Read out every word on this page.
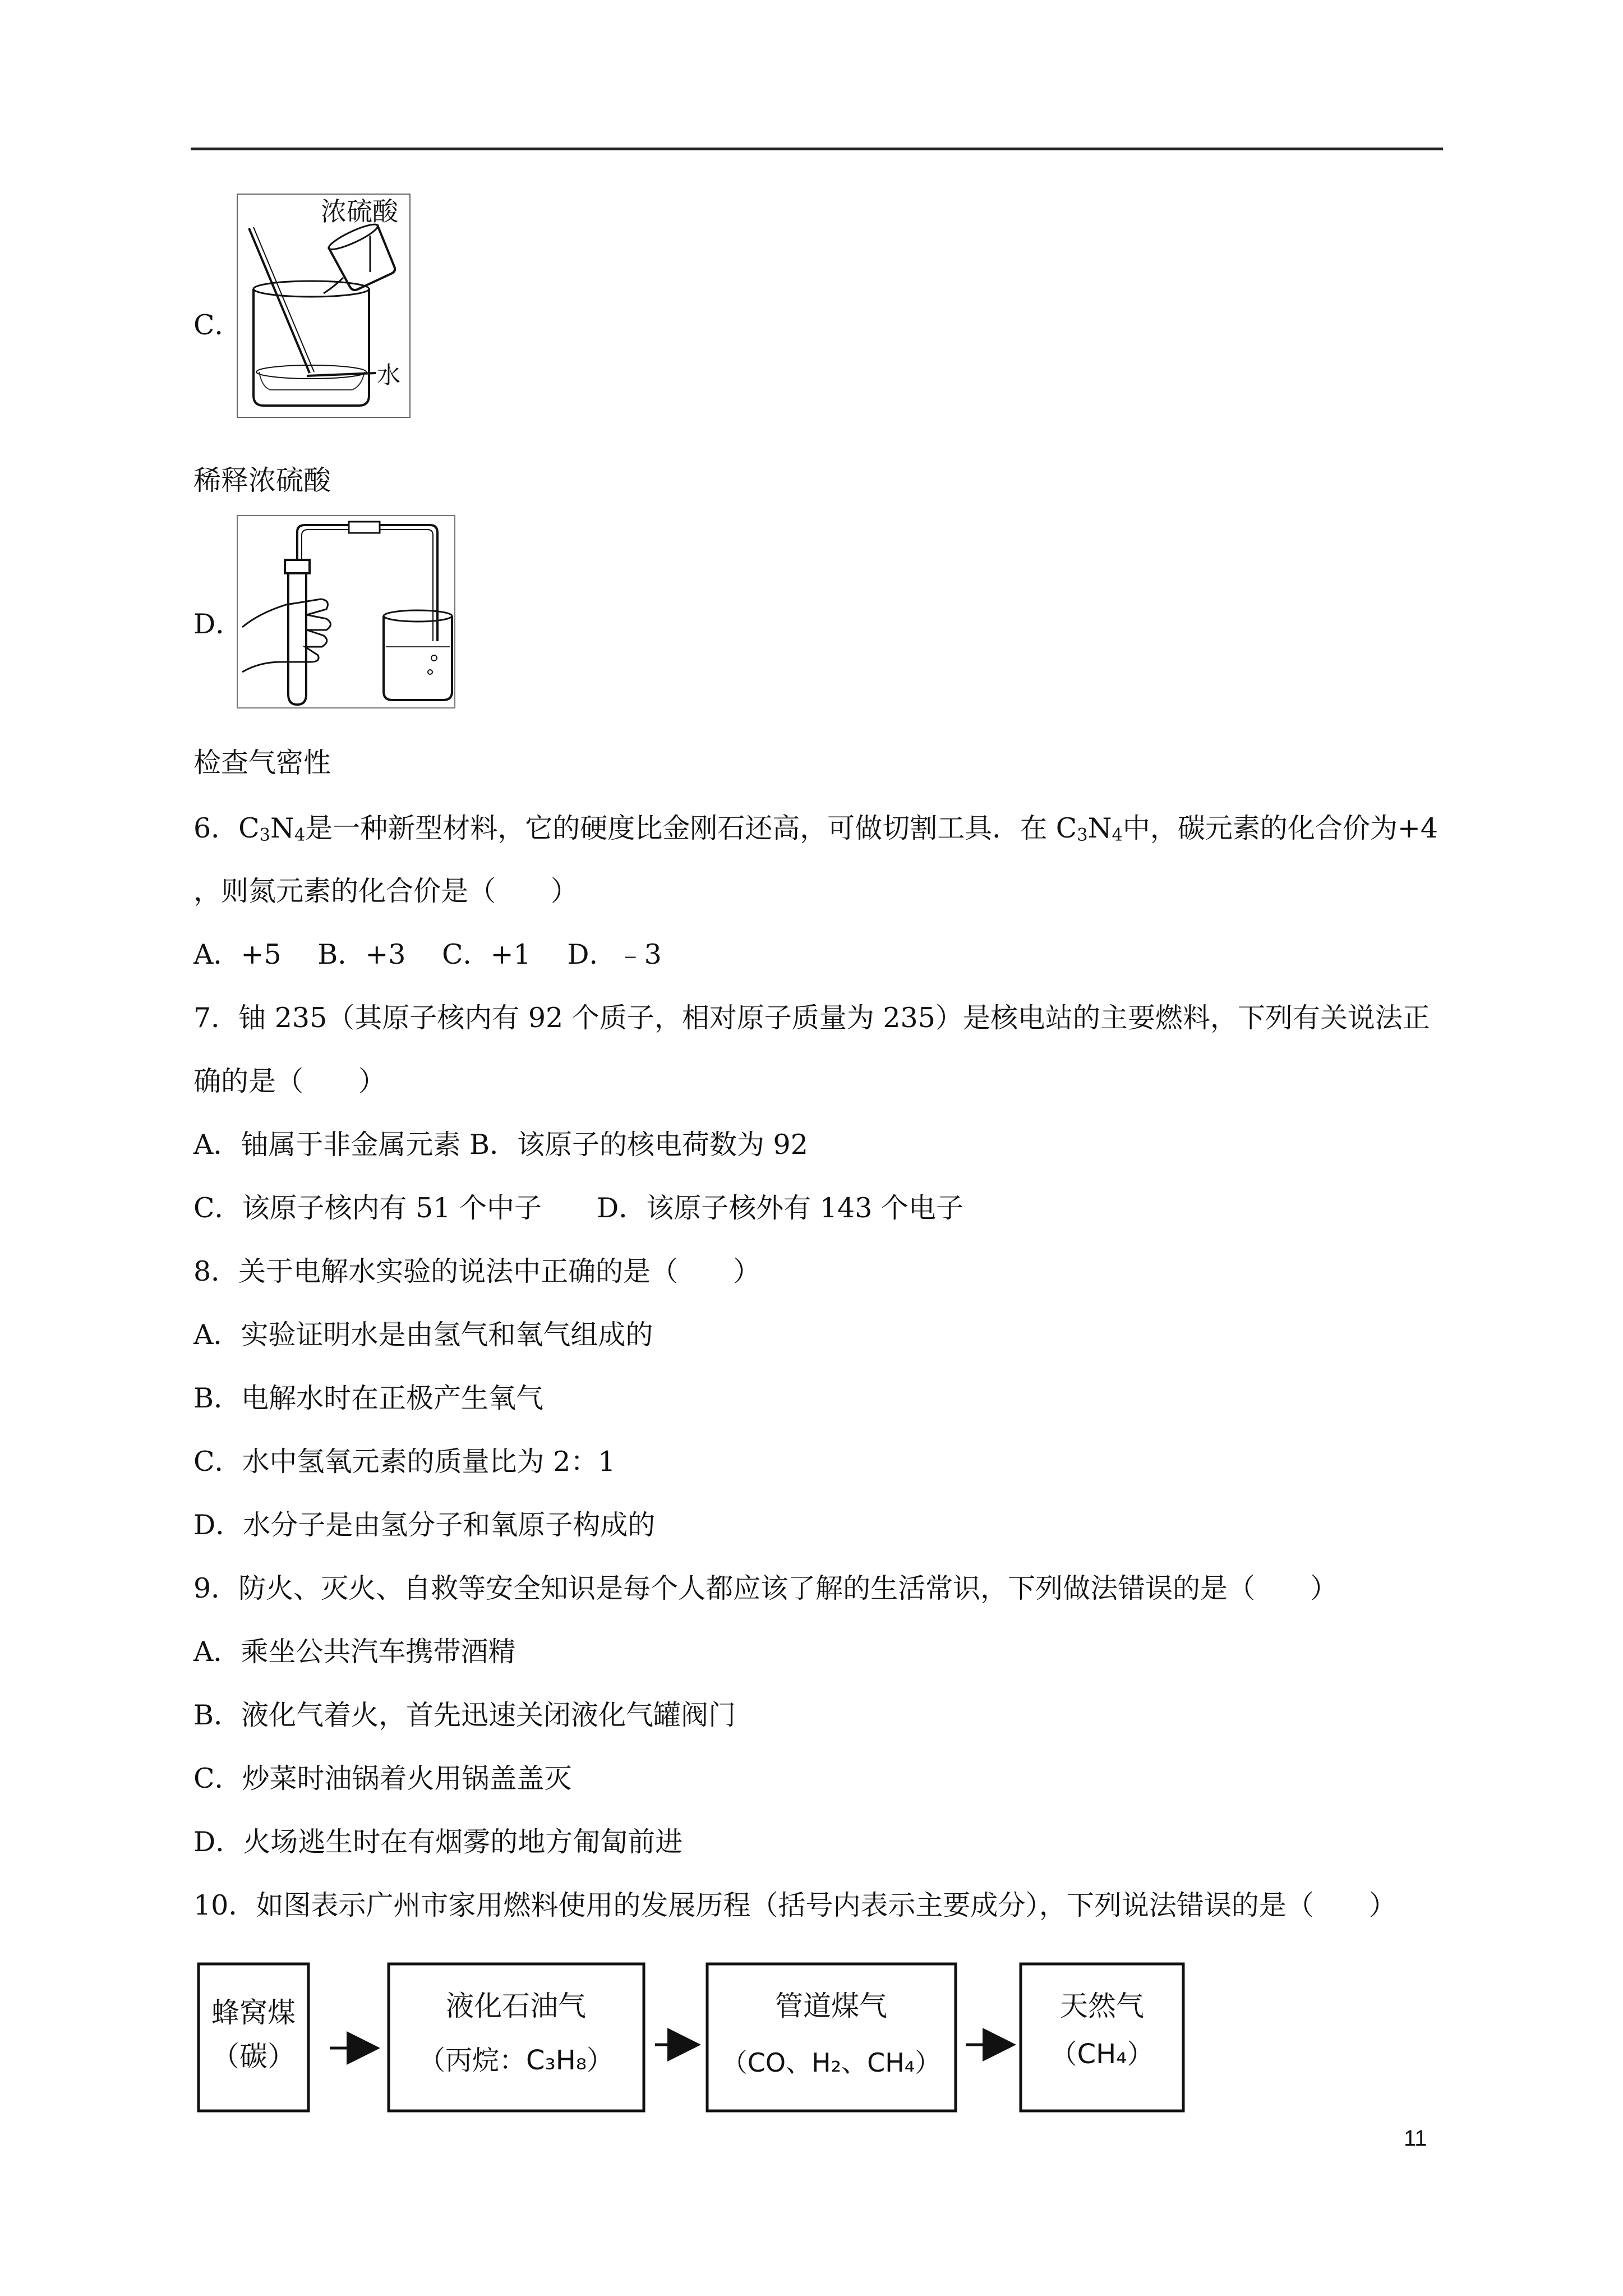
C．
浓硫酸
水
稀释浓硫酸
D．
检查气密性
6．$C_3N_4$是一种新型材料，它的硬度比金刚石还高，可做切割工具．在 $C_3N_4$中，碳元素的化合价为+4
，则氮元素的化合价是（　　）
A．+5　 B．+3　 C．+1　 D．﹣3
7．铀 235（其原子核内有 92 个质子，相对原子质量为 235）是核电站的主要燃料，下列有关说法正
确的是（　　）
A．铀属于非金属元素 B．该原子的核电荷数为 92
C．该原子核内有 51 个中子　　D．该原子核外有 143 个电子
8．关于电解水实验的说法中正确的是（　　）
A．实验证明水是由氢气和氧气组成的
B．电解水时在正极产生氧气
C．水中氢氧元素的质量比为 2：1
D．水分子是由氢分子和氧原子构成的
9．防火、灭火、自救等安全知识是每个人都应该了解的生活常识，下列做法错误的是（　　）
A．乘坐公共汽车携带酒精
B．液化气着火，首先迅速关闭液化气罐阀门
C．炒菜时油锅着火用锅盖盖灭
D．火场逃生时在有烟雾的地方匍匐前进
10．如图表示广州市家用燃料使用的发展历程（括号内表示主要成分），下列说法错误的是（　　）
蜂窝煤
（碳）
液化石油气
（丙烷：C₃H₈）
管道煤气
（CO、H₂、CH₄）
天然气
（CH₄）
11
